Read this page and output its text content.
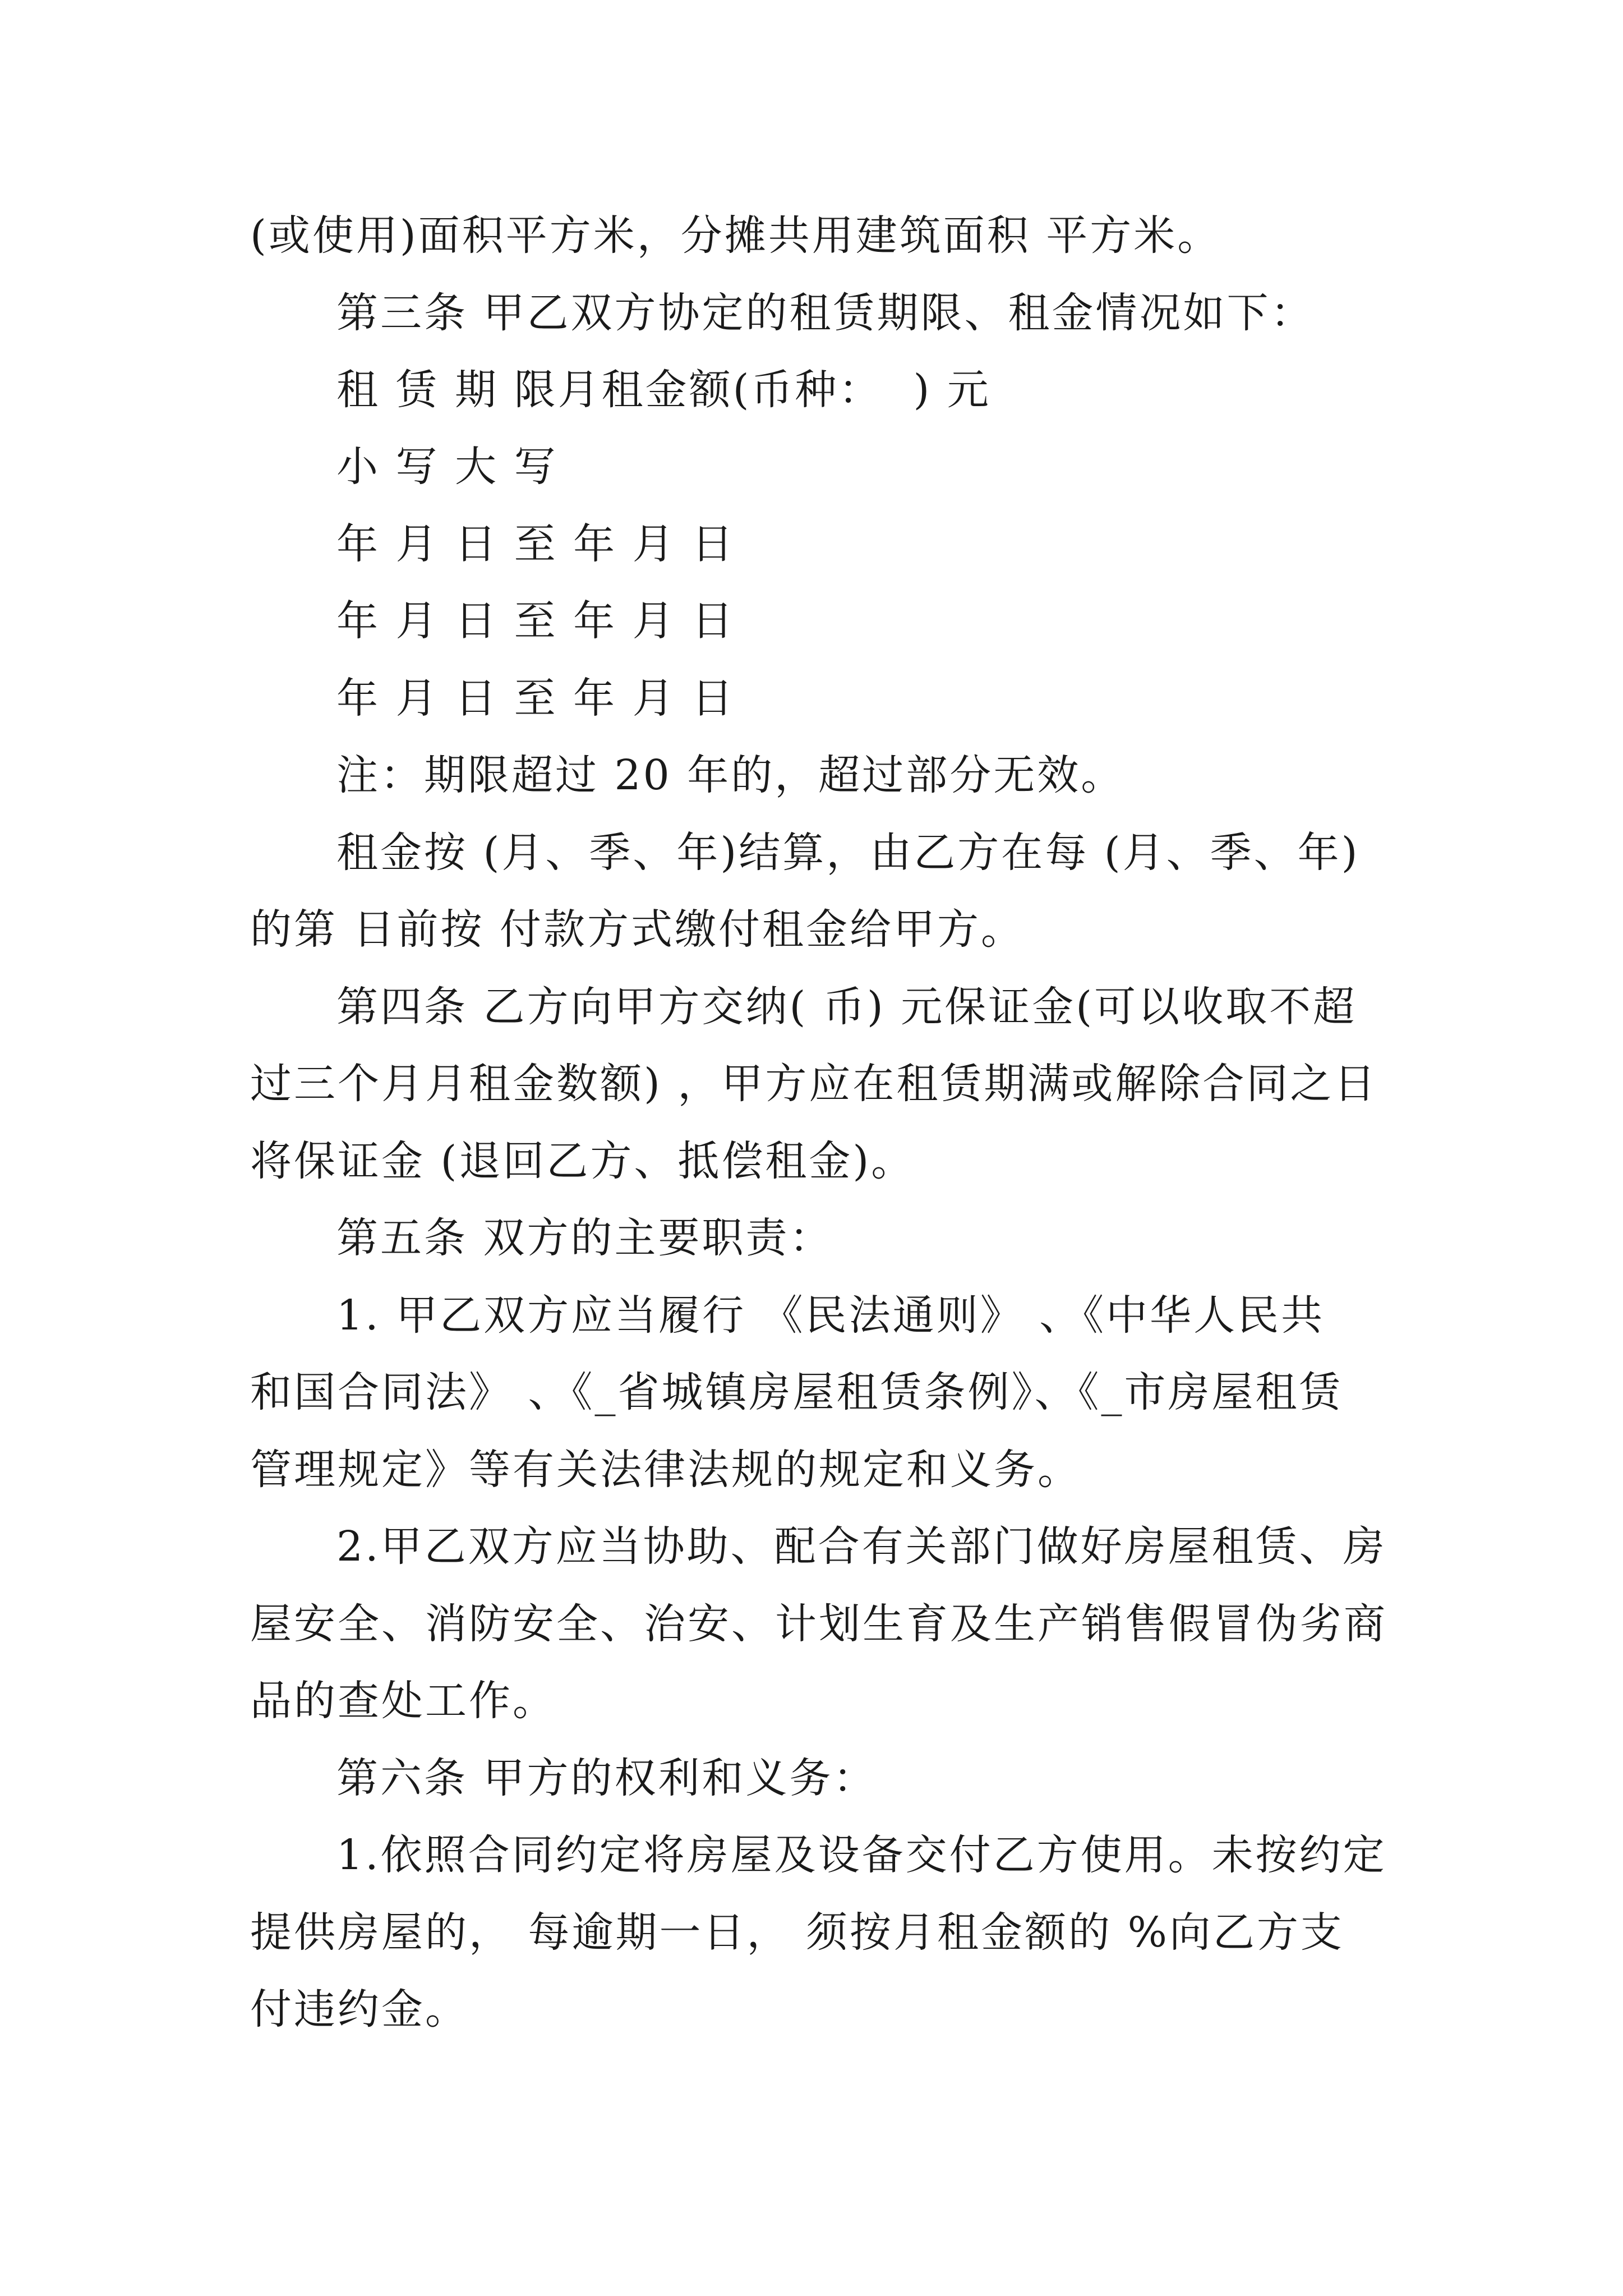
(或使用)面积平方米，分摊共用建筑面积 平方米。
第三条 甲乙双方协定的租赁期限、租金情况如下：
租 赁 期 限月租金额(币种：  ) 元
小 写 大 写
年 月 日 至 年 月 日
年 月 日 至 年 月 日
年 月 日 至 年 月 日
注：期限超过 20 年的，超过部分无效。
租金按 (月、季、年)结算，由乙方在每 (月、季、年)
的第 日前按 付款方式缴付租金给甲方。
第四条 乙方向甲方交纳( 币) 元保证金(可以收取不超
过三个月月租金数额) ，甲方应在租赁期满或解除合同之日
将保证金 (退回乙方、抵偿租金)。
第五条 双方的主要职责：
1. 甲乙双方应当履行 《民法通则》 、《中华人民共
和国合同法》 、《_省城镇房屋租赁条例》、《_市房屋租赁
管理规定》等有关法律法规的规定和义务。
2.甲乙双方应当协助、配合有关部门做好房屋租赁、房
屋安全、消防安全、治安、计划生育及生产销售假冒伪劣商
品的查处工作。
第六条 甲方的权利和义务：
1.依照合同约定将房屋及设备交付乙方使用。未按约定
提供房屋的， 每逾期一日， 须按月租金额的 %向乙方支
付违约金。
